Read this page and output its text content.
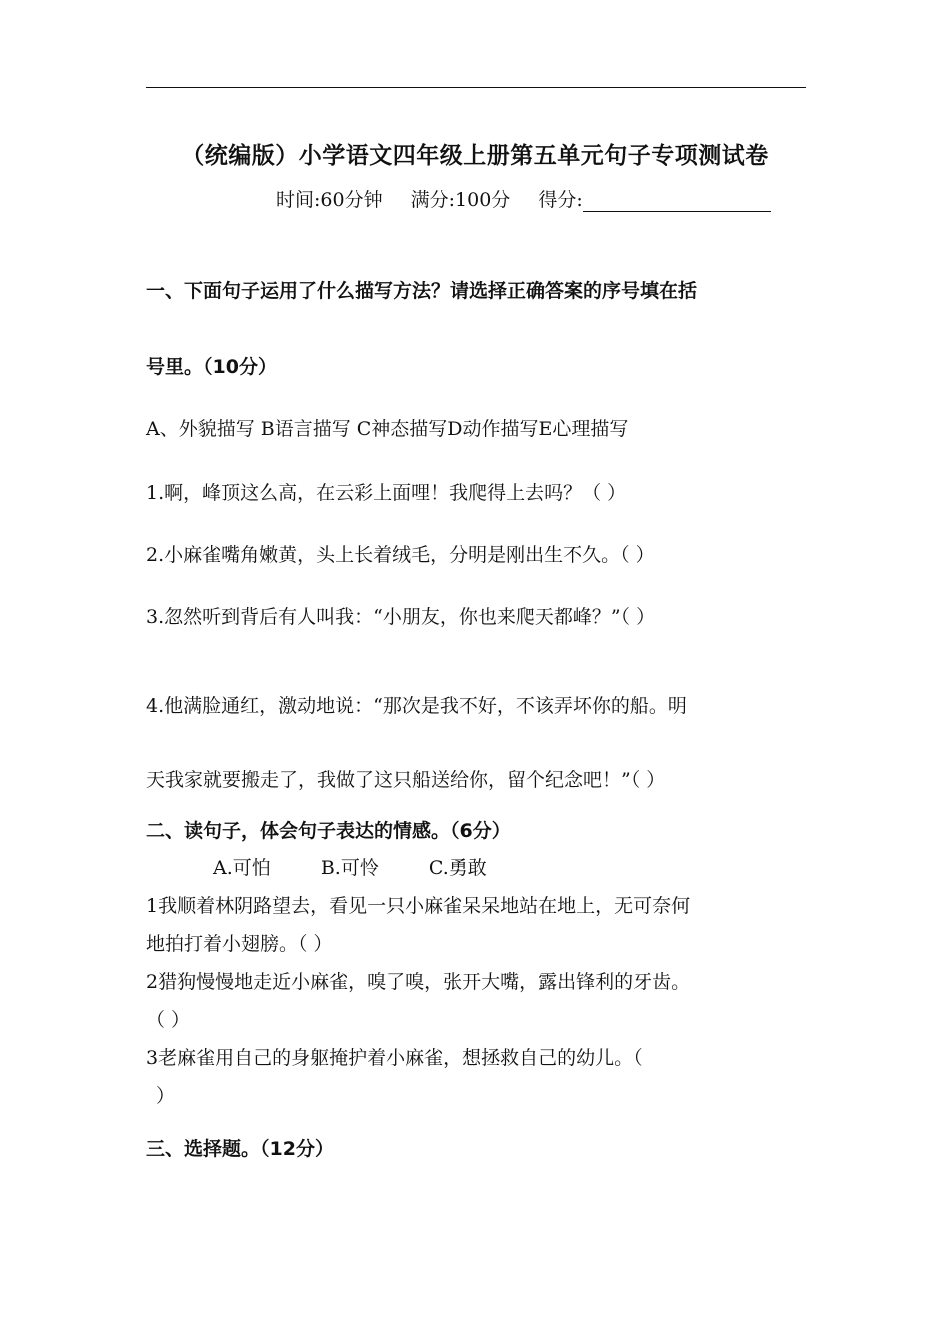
（统编版）小学语文四年级上册第五单元句子专项测试卷
时间:60分钟 满分:100分 得分:
一、下面句子运用了什么描写方法？请选择正确答案的序号填在括
号里。（10分）
A、外貌描写 B语言描写 C神态描写D动作描写E心理描写
1.啊，峰顶这么高，在云彩上面哩！我爬得上去吗？（ ）
2.小麻雀嘴角嫩黄，头上长着绒毛，分明是刚出生不久。（ ）
3.忽然听到背后有人叫我：“小朋友，你也来爬天都峰？”（ ）
4.他满脸通红，激动地说：“那次是我不好，不该弄坏你的船。明
天我家就要搬走了，我做了这只船送给你，留个纪念吧！”（ ）
二、读句子，体会句子表达的情感。（6分）
A.可怕	B.可怜	C.勇敢
1我顺着林阴路望去，看见一只小麻雀呆呆地站在地上，无可奈何
地拍打着小翅膀。（ ）
2猎狗慢慢地走近小麻雀，嗅了嗅，张开大嘴，露出锋利的牙齿。
（ ）
3老麻雀用自己的身躯掩护着小麻雀，想拯救自己的幼儿。（
）
三、选择题。（12分）
